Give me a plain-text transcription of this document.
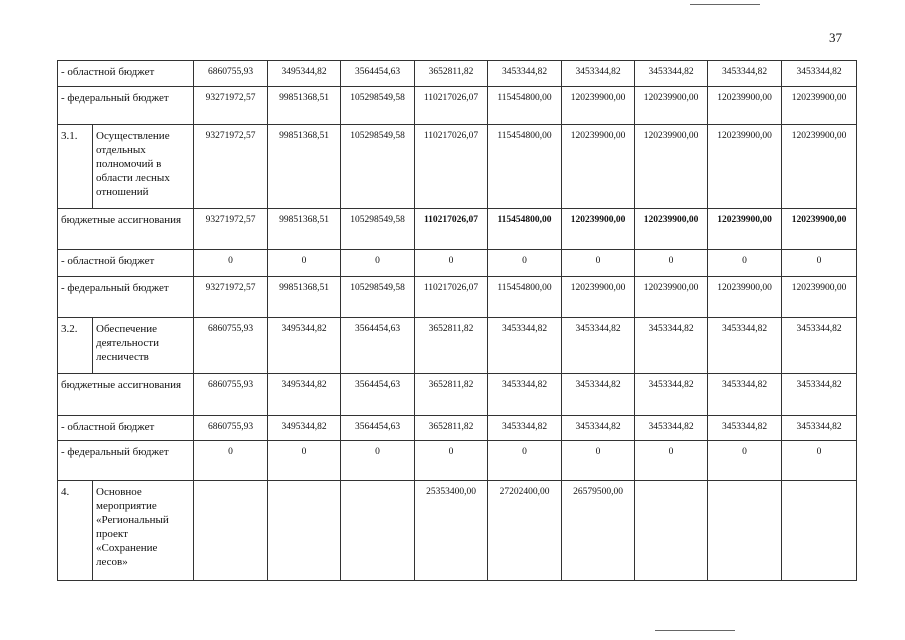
37
- областной бюджет		6860755,93	3495344,82	3564454,63	3652811,82	3453344,82	3453344,82	3453344,82	3453344,82	3453344,82
- федеральный бюджет		93271972,57	99851368,51	105298549,58	110217026,07	115454800,00	120239900,00	120239900,00	120239900,00	120239900,00
3.1.	Осуществление отдельных полномочий в области лесных отношений	93271972,57	99851368,51	105298549,58	110217026,07	115454800,00	120239900,00	120239900,00	120239900,00	120239900,00
бюджетные ассигнования		93271972,57	99851368,51	105298549,58	110217026,07	115454800,00	120239900,00	120239900,00	120239900,00	120239900,00
- областной бюджет		0	0	0	0	0	0	0	0	0
- федеральный бюджет		93271972,57	99851368,51	105298549,58	110217026,07	115454800,00	120239900,00	120239900,00	120239900,00	120239900,00
3.2.	Обеспечение деятельности лесничеств	6860755,93	3495344,82	3564454,63	3652811,82	3453344,82	3453344,82	3453344,82	3453344,82	3453344,82
бюджетные ассигнования		6860755,93	3495344,82	3564454,63	3652811,82	3453344,82	3453344,82	3453344,82	3453344,82	3453344,82
- областной бюджет		6860755,93	3495344,82	3564454,63	3652811,82	3453344,82	3453344,82	3453344,82	3453344,82	3453344,82
- федеральный бюджет		0	0	0	0	0	0	0	0	0
4.	Основное мероприятие «Региональный проект «Сохранение лесов»				25353400,00	27202400,00	26579500,00			
